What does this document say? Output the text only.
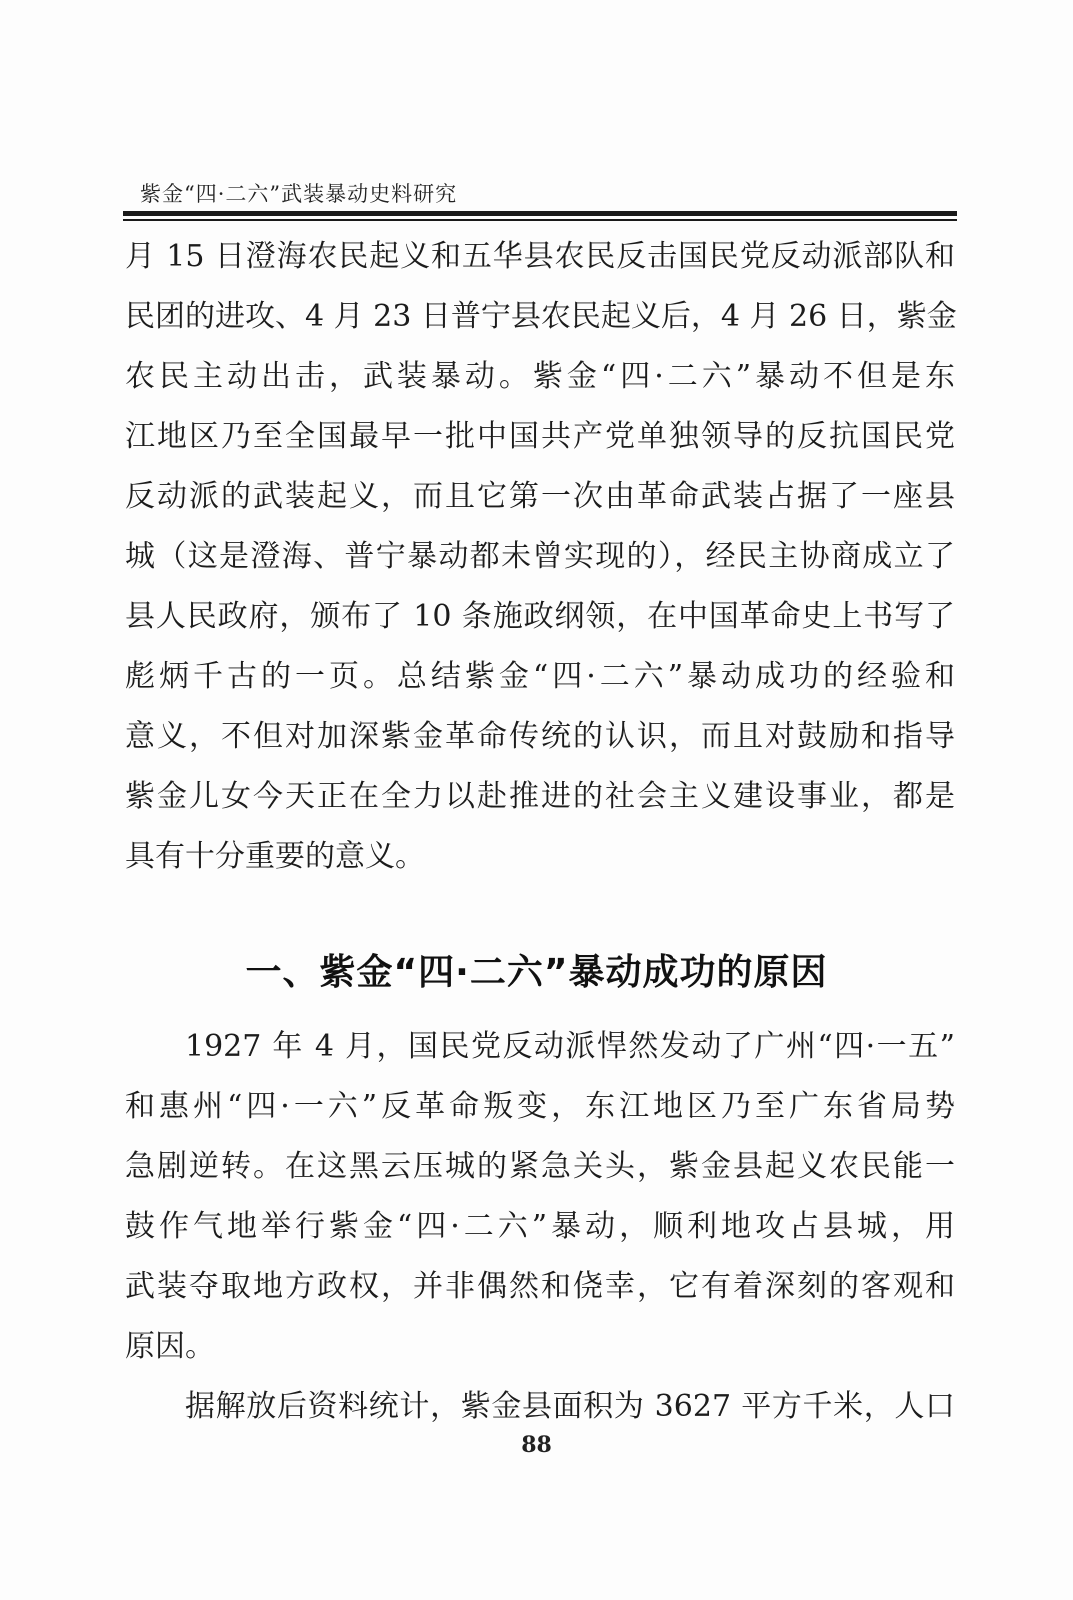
紫金“四·二六”武装暴动史料研究
月 15 日澄海农民起义和五华县农民反击国民党反动派部队和
民团的进攻、4 月 23 日普宁县农民起义后，4 月 26 日，紫金
农民主动出击，武装暴动。紫金“四·二六”暴动不但是东
江地区乃至全国最早一批中国共产党单独领导的反抗国民党
反动派的武装起义，而且它第一次由革命武装占据了一座县
城（这是澄海、普宁暴动都未曾实现的），经民主协商成立了
县人民政府，颁布了 10 条施政纲领，在中国革命史上书写了
彪炳千古的一页。总结紫金“四·二六”暴动成功的经验和
意义，不但对加深紫金革命传统的认识，而且对鼓励和指导
紫金儿女今天正在全力以赴推进的社会主义建设事业，都是
具有十分重要的意义。
一、紫金“四·二六”暴动成功的原因
1927 年 4 月，国民党反动派悍然发动了广州“四·一五”
和惠州“四·一六”反革命叛变，东江地区乃至广东省局势
急剧逆转。在这黑云压城的紧急关头，紫金县起义农民能一
鼓作气地举行紫金“四·二六”暴动，顺利地攻占县城，用
武装夺取地方政权，并非偶然和侥幸，它有着深刻的客观和
原因。
据解放后资料统计，紫金县面积为 3627 平方千米，人口
88
